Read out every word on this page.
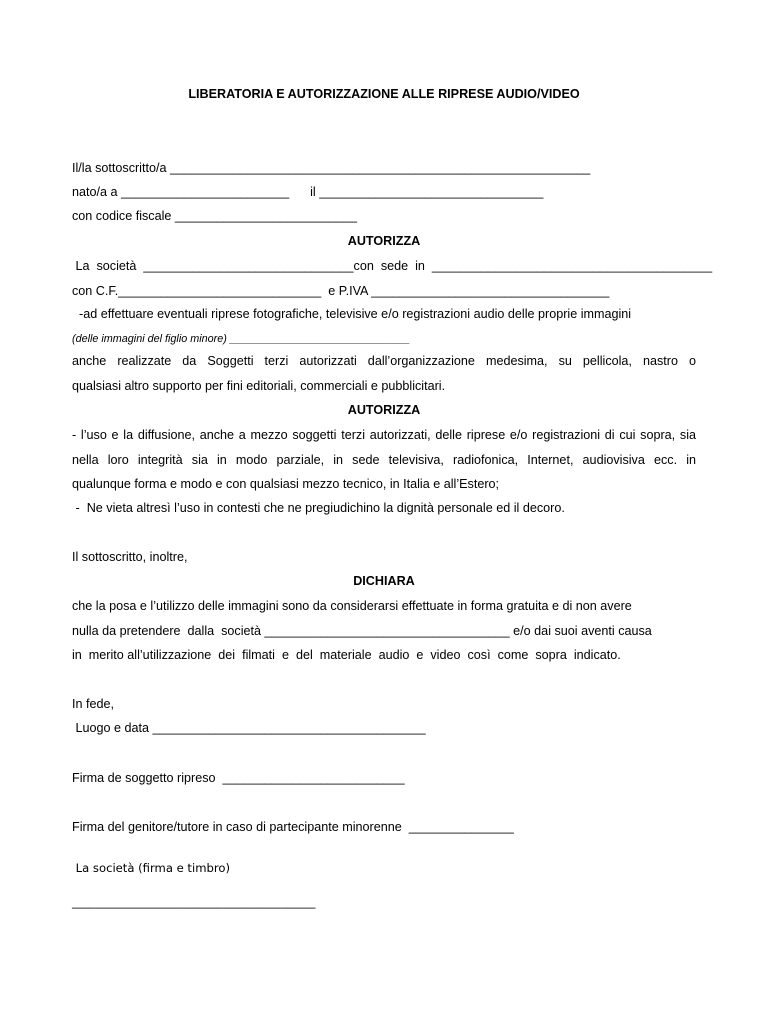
LIBERATORIA E AUTORIZZAZIONE ALLE RIPRESE AUDIO/VIDEO
Il/la sottoscritto/a ____________________________________________________________
nato/a a ________________________      il ________________________________
con codice fiscale __________________________
AUTORIZZA
La  società  ______________________________con  sede  in  ________________________________________
con C.F._____________________________  e P.IVA __________________________________
-ad effettuare eventuali riprese fotografiche, televisive e/o registrazioni audio delle proprie immagini
(delle immagini del figlio minore) ______________________________
anche realizzate da Soggetti terzi autorizzati dall’organizzazione medesima, su pellicola, nastro o
qualsiasi altro supporto per fini editoriali, commerciali e pubblicitari.
AUTORIZZA
- l’uso e la diffusione, anche a mezzo soggetti terzi autorizzati, delle riprese e/o registrazioni di cui sopra, sia
nella loro integrità sia in modo parziale, in sede televisiva, radiofonica, Internet, audiovisiva ecc. in
qualunque forma e modo e con qualsiasi mezzo tecnico, in Italia e all’Estero;
-  Ne vieta altresì l’uso in contesti che ne pregiudichino la dignità personale ed il decoro.
Il sottoscritto, inoltre,
DICHIARA
che la posa e l’utilizzo delle immagini sono da considerarsi effettuate in forma gratuita e di non avere
nulla da pretendere  dalla  società ___________________________________ e/o dai suoi aventi causa
in  merito all’utilizzazione  dei  filmati  e  del  materiale  audio  e  video  così  come  sopra  indicato.
In fede,
Luogo e data _______________________________________
Firma de soggetto ripreso  __________________________
Firma del genitore/tutore in caso di partecipante minorenne  _______________
La società (firma e timbro)
__________________________________________
